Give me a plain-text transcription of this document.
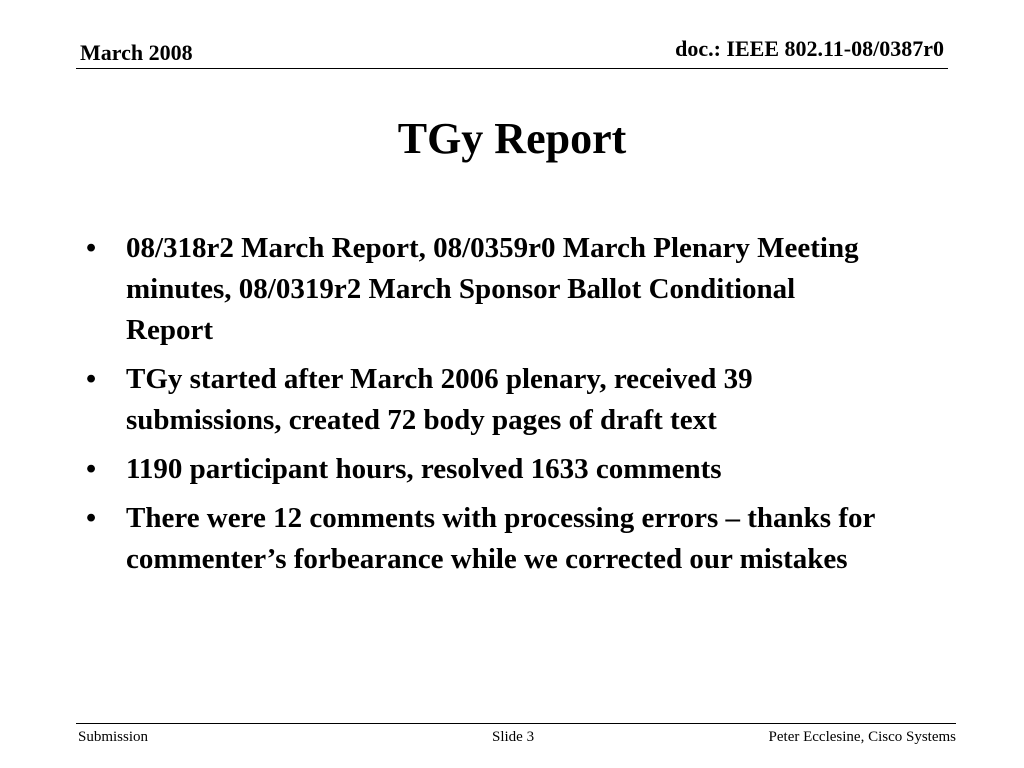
March 2008	doc.: IEEE 802.11-08/0387r0
TGy Report
• 08/318r2 March Report, 08/0359r0 March Plenary Meeting minutes, 08/0319r2 March Sponsor Ballot Conditional Report
• TGy started after March 2006 plenary, received 39 submissions, created 72 body pages of draft text
• 1190 participant hours, resolved 1633 comments
• There were 12 comments with processing errors – thanks for commenter’s forbearance while we corrected our mistakes
Submission	Slide 3	Peter Ecclesine, Cisco Systems
